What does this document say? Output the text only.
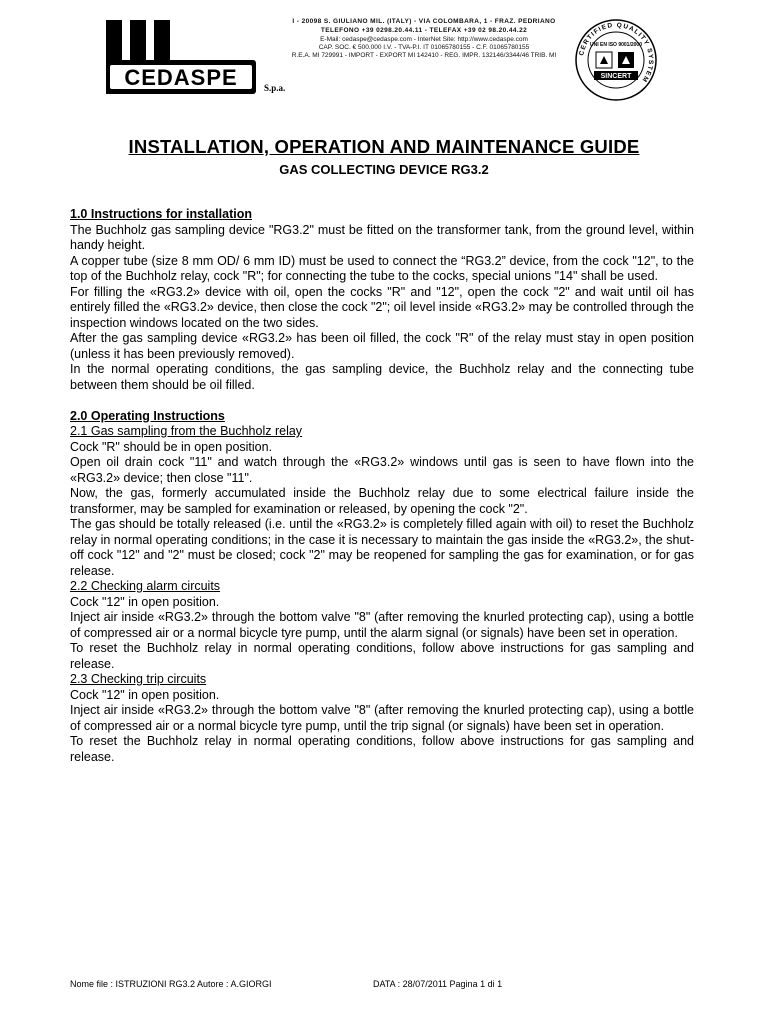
CEDASPE	S.p.a.
I - 20098 S. GIULIANO MIL. (ITALY) - VIA COLOMBARA, 1 - FRAZ. PEDRIANO
TELEFONO +39 0298.20.44.11 - TELEFAX +39 02 98.20.44.22
E-Mail: cedaspe@cedaspe.com - InterNet Site: http://www.cedaspe.com
CAP. SOC. € 500.000 I.V. - TVA-P.I. IT 01065780155 - C.F. 01065780155
R.E.A. MI 729991 - IMPORT - EXPORT MI 142410 - REG. IMPR. 132146/3344/46 TRIB. MI	CERTIFIED QUALITY SYSTEM
UNI EN ISO 9001/2000
SINCERT
INSTALLATION, OPERATION AND MAINTENANCE GUIDE
GAS COLLECTING DEVICE RG3.2

1.0 Instructions for installation

The Buchholz gas sampling device "RG3.2" must be fitted on the transformer tank, from the ground level, within handy height.

A copper tube (size 8 mm OD/ 6 mm ID) must be used to connect the “RG3.2” device, from the cock "12", to the top of the Buchholz relay, cock "R"; for connecting the tube to the cocks, special unions "14" shall be used.

For filling the «RG3.2» device with oil, open the cocks "R" and "12", open the cock "2" and wait until oil has entirely filled the «RG3.2» device, then close the cock "2"; oil level inside «RG3.2» may be controlled through the inspection windows located on the two sides.

After the gas sampling device «RG3.2» has been oil filled, the cock "R" of the relay must stay in open position (unless it has been previously removed).

In the normal operating conditions, the gas sampling device, the Buchholz relay and the connecting tube between them should be oil filled.

2.0 Operating Instructions

2.1 Gas sampling from the Buchholz relay

Cock "R" should be in open position.

Open oil drain cock "11" and watch through the «RG3.2» windows until gas is seen to have flown into the «RG3.2» device; then close "11".

Now, the gas, formerly accumulated inside the Buchholz relay due to some electrical failure inside the transformer, may be sampled for examination or released, by opening the cock "2".

The gas should be totally released (i.e. until the «RG3.2» is completely filled again with oil) to reset the Buchholz relay in normal operating conditions; in the case it is necessary to maintain the gas inside the «RG3.2», the shut-off cock "12" and "2" must be closed; cock "2" may be reopened for sampling the gas for examination, or for gas release.

2.2 Checking alarm circuits

Cock "12" in open position.

Inject air inside «RG3.2» through the bottom valve "8" (after removing the knurled protecting cap), using a bottle of compressed air or a normal bicycle tyre pump, until the alarm signal (or signals) have been set in operation.

To reset the Buchholz relay in normal operating conditions, follow above instructions for gas sampling and release.

2.3 Checking trip circuits

Cock "12" in open position.

Inject air inside «RG3.2» through the bottom valve "8" (after removing the knurled protecting cap), using a bottle of compressed air or a normal bicycle tyre pump, until the trip signal (or signals) have been set in operation.

To reset the Buchholz relay in normal operating conditions, follow above instructions for gas sampling and release.

Nome file : ISTRUZIONI RG3.2 Autore : A.GIORGI	DATA : 28/07/2011 Pagina 1 di 1
